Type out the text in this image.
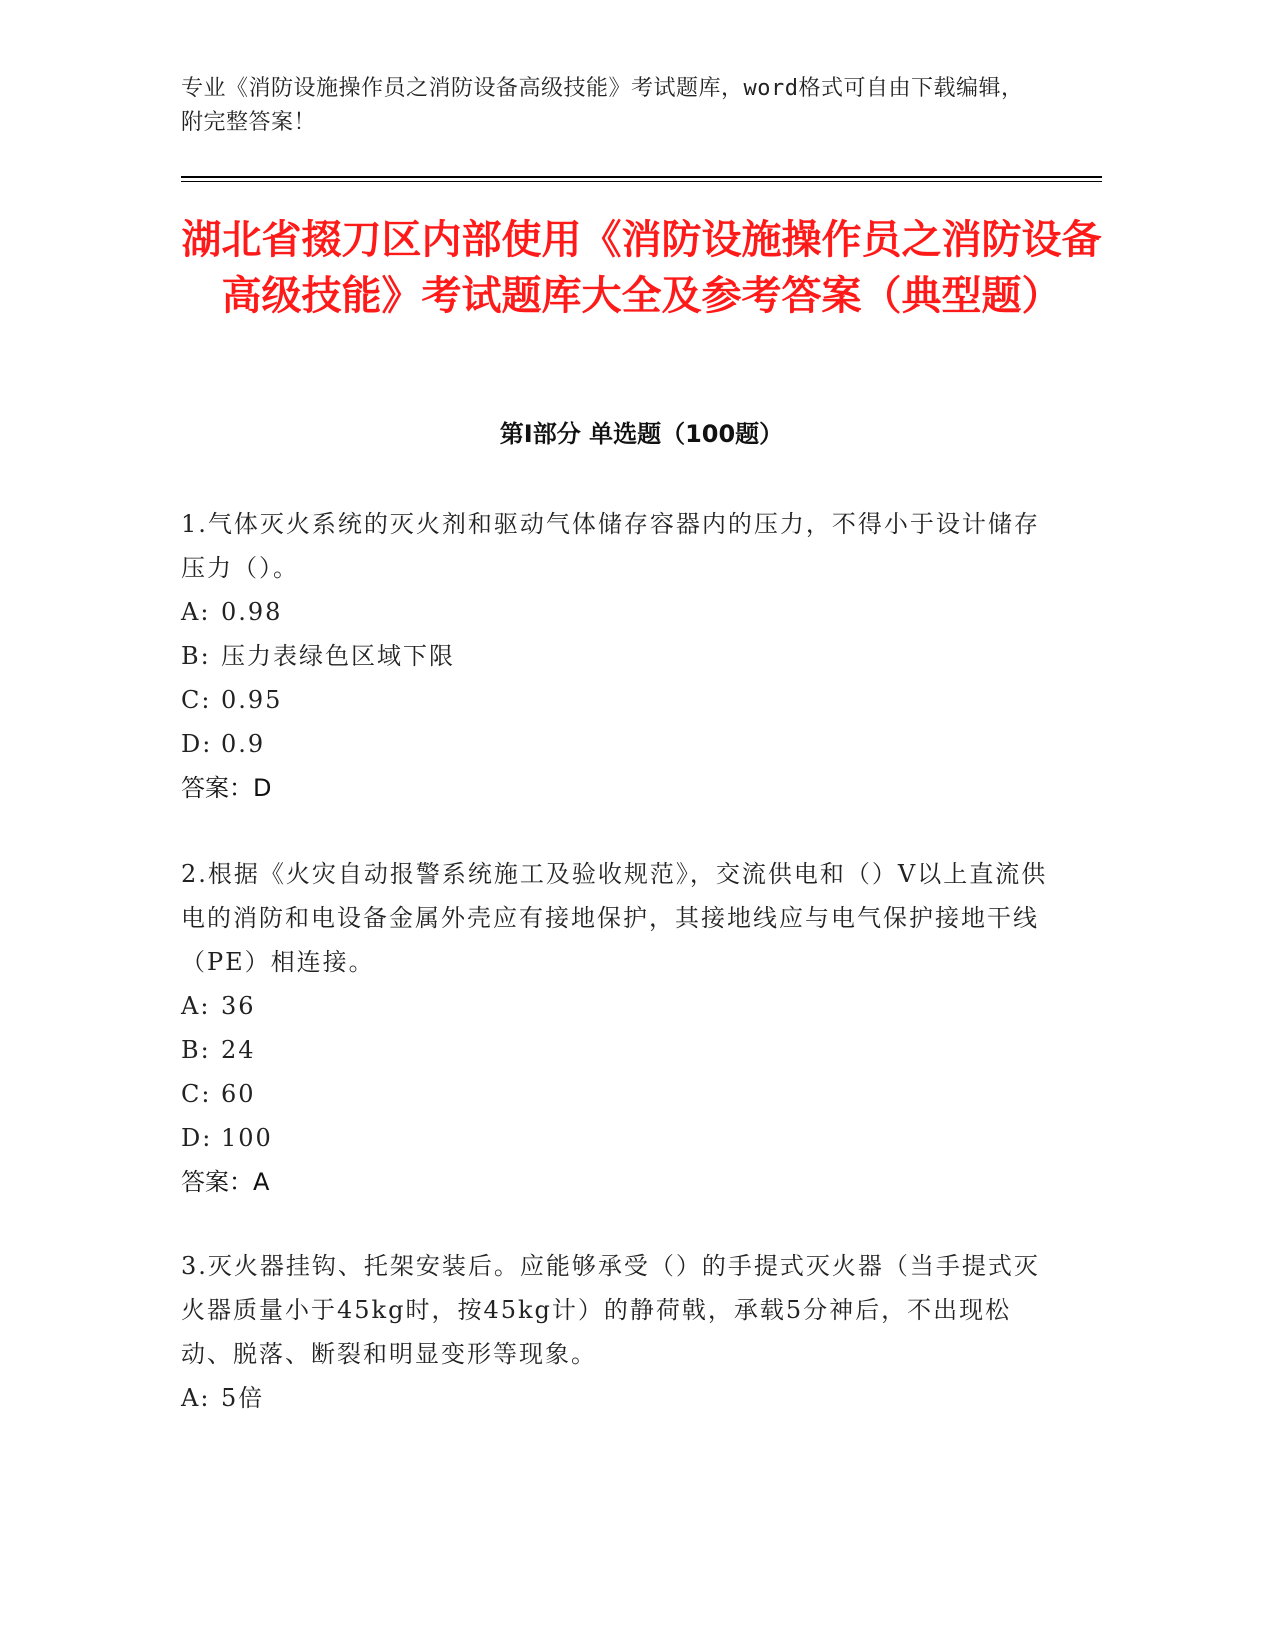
专业《消防设施操作员之消防设备高级技能》考试题库，word格式可自由下载编辑，附完整答案！
湖北省掇刀区内部使用《消防设施操作员之消防设备高级技能》考试题库大全及参考答案（典型题）
第Ⅰ部分 单选题（100题）

1.气体灭火系统的灭火剂和驱动气体储存容器内的压力，不得小于设计储存压力（）。

A: 0.98

B: 压力表绿色区域下限

C: 0.95

D: 0.9

答案：D

2.根据《火灾自动报警系统施工及验收规范》，交流供电和（）V以上直流供电的消防和电设备金属外壳应有接地保护，其接地线应与电气保护接地干线（PE）相连接。

A: 36

B: 24

C: 60

D: 100

答案：A

3.灭火器挂钩、托架安装后。应能够承受（）的手提式灭火器（当手提式灭火器质量小于45kg时，按45kg计）的静荷戟，承载5分神后，不出现松动、脱落、断裂和明显变形等现象。

A: 5倍
